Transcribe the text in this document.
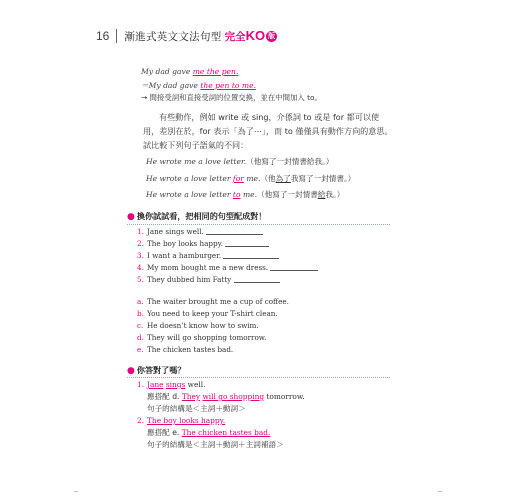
16 漸進式英文文法句型 完全KO 版
My dad gave me the pen.
＝My dad gave the pen to me.
→ 間接受詞和直接受詞的位置交換，並在中間加入 to。
有些動作，例如 write 或 sing，介係詞 to 或是 for 都可以使用，差別在於，for 表示「為了⋯」，而 to 僅僅具有動作方向的意思。試比較下列句子語氣的不同：
He wrote me a love letter.（他寫了一封情書給我。）
He wrote a love letter for me.（他為了我寫了一封情書。）
He wrote a love letter to me.（他寫了一封情書給我。）
● 換你試試看，把相同的句型配成對！
1. Jane sings well.
2. The boy looks happy.
3. I want a hamburger.
4. My mom bought me a new dress.
5. They dubbed him Fatty
a. The waiter brought me a cup of coffee.
b. You need to keep your T-shirt clean.
c. He doesn’t know how to swim.
d. They will go shopping tomorrow.
e. The chicken tastes bad.
● 你答對了嗎？
1. Jane sings well.
應搭配 d. They will go shopping tomorrow.
句子的結構是＜主詞＋動詞＞
2. The boy looks happy.
應搭配 e. The chicken tastes bad.
句子的結構是＜主詞＋動詞＋主詞補語＞
